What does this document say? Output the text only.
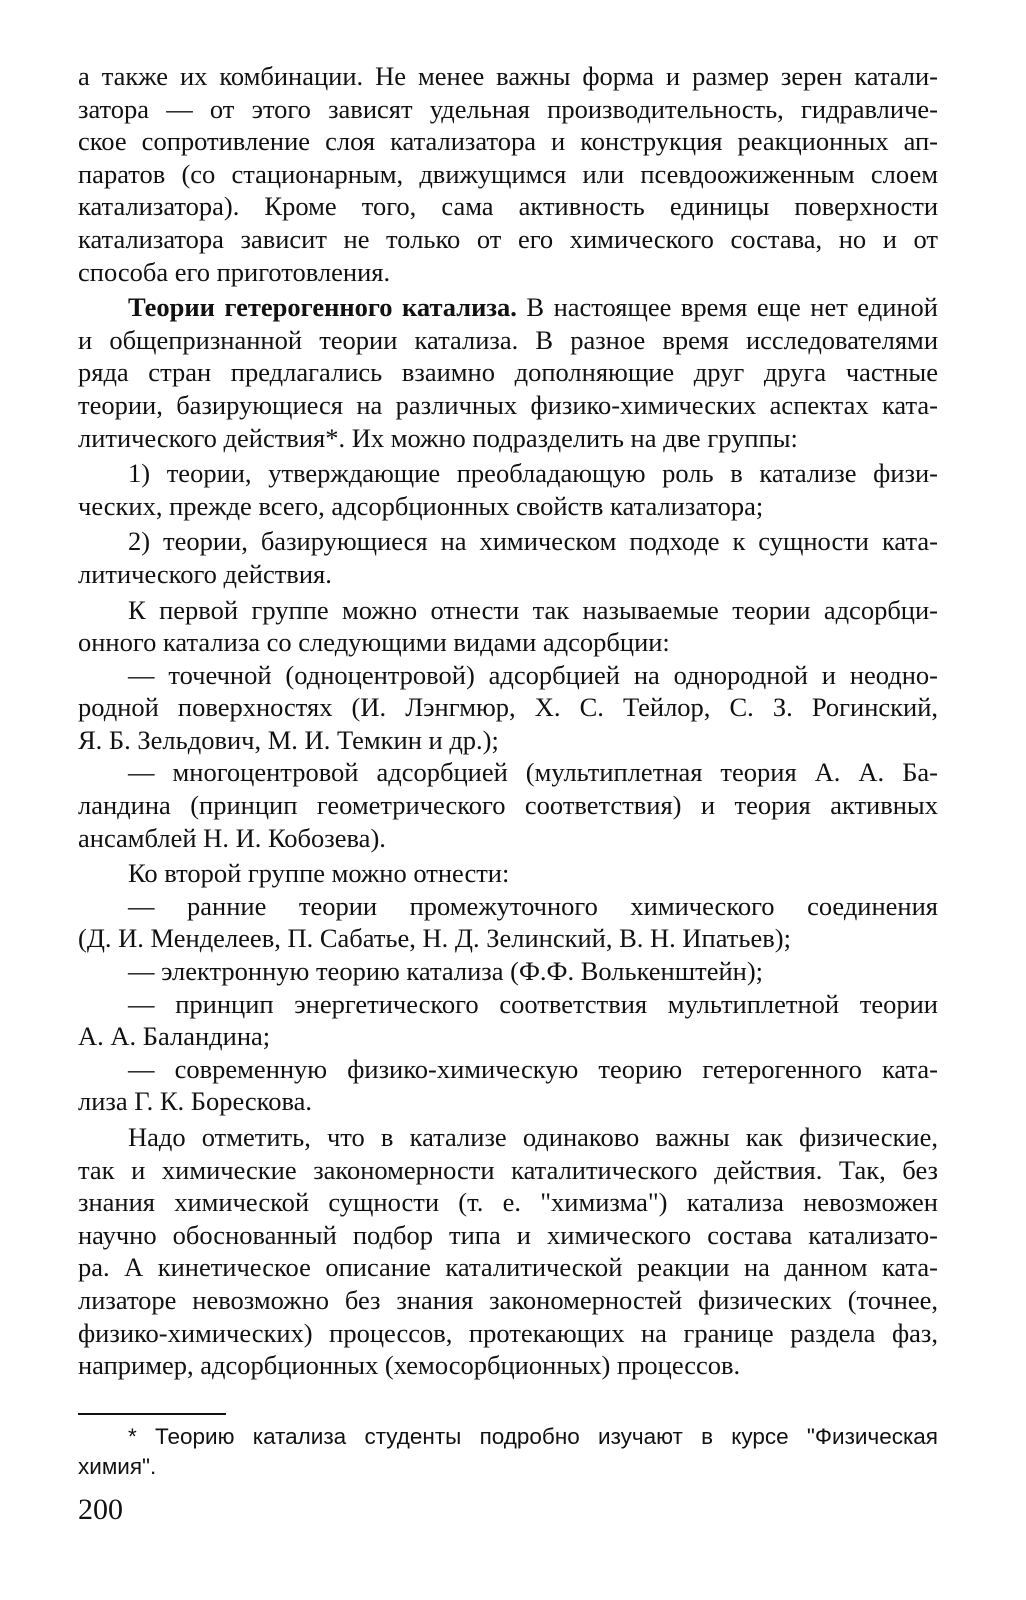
а также их комбинации. Не менее важны форма и размер зерен катали-
затора — от этого зависят удельная производительность, гидравличе-
ское сопротивление слоя катализатора и конструкция реакционных ап-
паратов (со стационарным, движущимся или псевдоожиженным слоем
катализатора). Кроме того, сама активность единицы поверхности
катализатора зависит не только от его химического состава, но и от
способа его приготовления.
Теории гетерогенного катализа. В настоящее время еще нет единой
и общепризнанной теории катализа. В разное время исследователями
ряда стран предлагались взаимно дополняющие друг друга частные
теории, базирующиеся на различных физико-химических аспектах ката-
литического действия*. Их можно подразделить на две группы:
1) теории, утверждающие преобладающую роль в катализе физи-
ческих, прежде всего, адсорбционных свойств катализатора;
2) теории, базирующиеся на химическом подходе к сущности ката-
литического действия.
К первой группе можно отнести так называемые теории адсорбци-
онного катализа со следующими видами адсорбции:
— точечной (одноцентровой) адсорбцией на однородной и неодно-
родной поверхностях (И. Лэнгмюр, Х. С. Тейлор, С. З. Рогинский,
Я. Б. Зельдович, М. И. Темкин и др.);
— многоцентровой адсорбцией (мультиплетная теория А. А. Ба-
ландина (принцип геометрического соответствия) и теория активных
ансамблей Н. И. Кобозева).
Ко второй группе можно отнести:
— ранние теории промежуточного химического соединения
(Д. И. Менделеев, П. Сабатье, Н. Д. Зелинский, В. Н. Ипатьев);
— электронную теорию катализа (Ф.Ф. Волькенштейн);
— принцип энергетического соответствия мультиплетной теории
А. А. Баландина;
— современную физико-химическую теорию гетерогенного ката-
лиза Г. К. Борескова.
Надо отметить, что в катализе одинаково важны как физические,
так и химические закономерности каталитического действия. Так, без
знания химической сущности (т. е. "химизма") катализа невозможен
научно обоснованный подбор типа и химического состава катализато-
ра. А кинетическое описание каталитической реакции на данном ката-
лизаторе невозможно без знания закономерностей физических (точнее,
физико-химических) процессов, протекающих на границе раздела фаз,
например, адсорбционных (хемосорбционных) процессов.
* Теорию катализа студенты подробно изучают в курсе "Физическая
химия".
200
